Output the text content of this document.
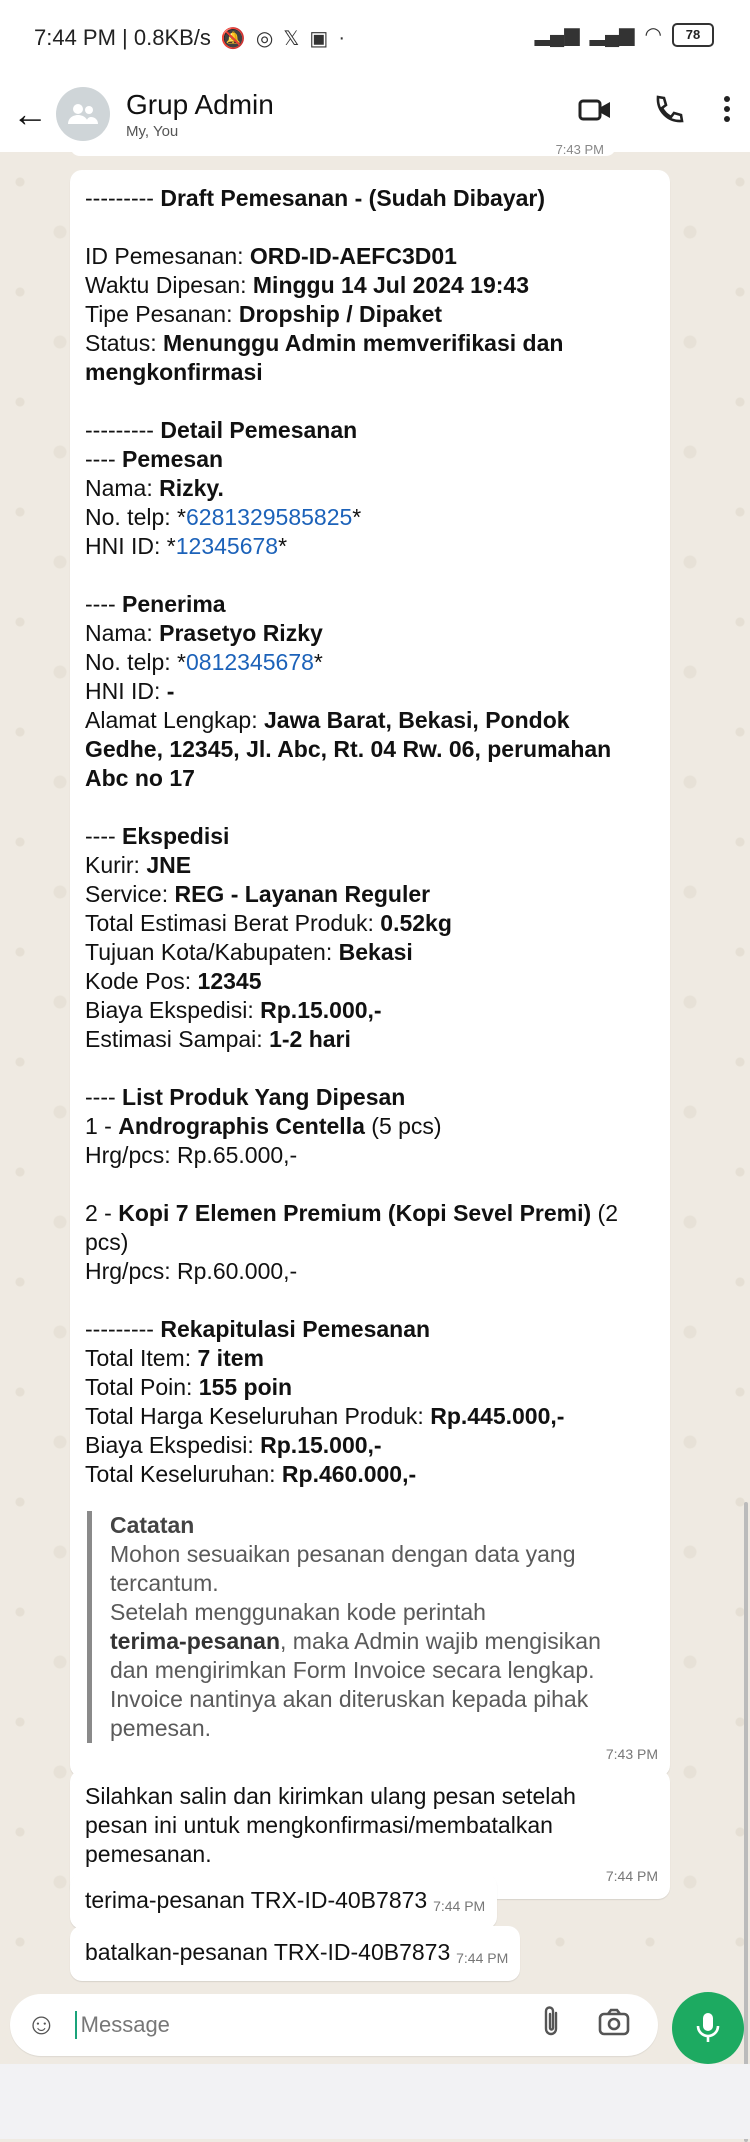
7:44 PM | 0.8KB/s 🔕 ◎ 𝕏 ▣ ·	▂▄▆ ▂▄▆ ◠	78
←	Grup Admin
My, You
7:43 PM
--------- Draft Pemesanan - (Sudah Dibayar)
ID Pemesanan: ORD-ID-AEFC3D01
Waktu Dipesan: Minggu 14 Jul 2024 19:43
Tipe Pesanan: Dropship / Dipaket
Status: Menunggu Admin memverifikasi dan
mengkonfirmasi
--------- Detail Pemesanan
---- Pemesan
Nama: Rizky.
No. telp: *6281329585825*
HNI ID: *12345678*
---- Penerima
Nama: Prasetyo Rizky
No. telp: *0812345678*
HNI ID: -
Alamat Lengkap: Jawa Barat, Bekasi, Pondok
Gedhe, 12345, Jl. Abc, Rt. 04 Rw. 06, perumahan
Abc no 17
---- Ekspedisi
Kurir: JNE
Service: REG - Layanan Reguler
Total Estimasi Berat Produk: 0.52kg
Tujuan Kota/Kabupaten: Bekasi
Kode Pos: 12345
Biaya Ekspedisi: Rp.15.000,-
Estimasi Sampai: 1-2 hari
---- List Produk Yang Dipesan
1 - Andrographis Centella (5 pcs)
Hrg/pcs: Rp.65.000,-
2 - Kopi 7 Elemen Premium (Kopi Sevel Premi) (2
pcs)
Hrg/pcs: Rp.60.000,-
--------- Rekapitulasi Pemesanan
Total Item: 7 item
Total Poin: 155 poin
Total Harga Keseluruhan Produk: Rp.445.000,-
Biaya Ekspedisi: Rp.15.000,-
Total Keseluruhan: Rp.460.000,-
Catatan
Mohon sesuaikan pesanan dengan data yang
tercantum.
Setelah menggunakan kode perintah
terima-pesanan, maka Admin wajib mengisikan
dan mengirimkan Form Invoice secara lengkap.
Invoice nantinya akan diteruskan kepada pihak
pemesan.
7:43 PM
Silahkan salin dan kirimkan ulang pesan setelah
pesan ini untuk mengkonfirmasi/membatalkan
pemesanan.
7:44 PM
terima-pesanan TRX-ID-40B7873 7:44 PM
batalkan-pesanan TRX-ID-40B7873 7:44 PM
☺
Message
